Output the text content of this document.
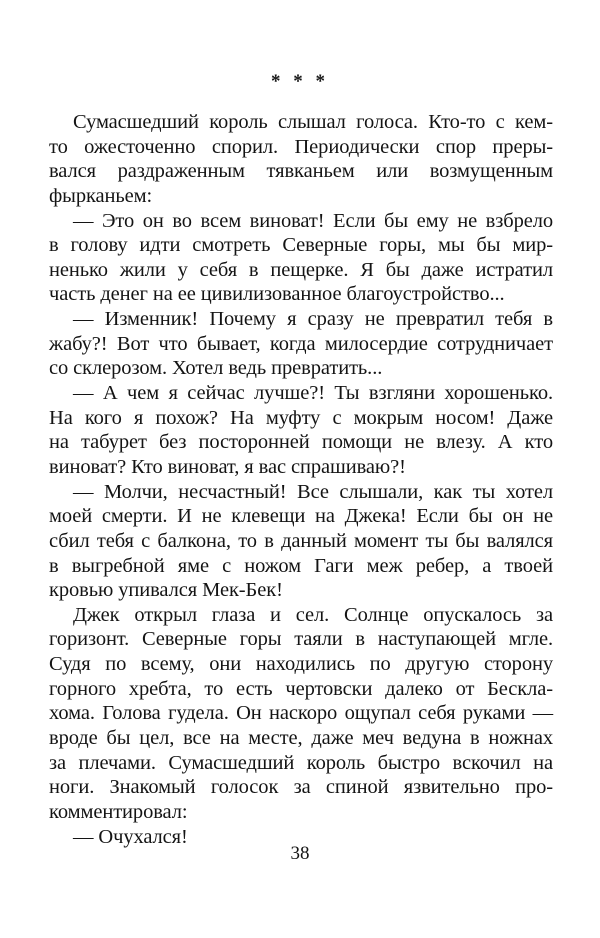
* * *
Сумасшедший король слышал голоса. Кто-то с кем-
то ожесточенно спорил. Периодически спор преры-
вался раздраженным тявканьем или возмущенным
фырканьем:
— Это он во всем виноват! Если бы ему не взбрело
в голову идти смотреть Северные горы, мы бы мир-
ненько жили у себя в пещерке. Я бы даже истратил
часть денег на ее цивилизованное благоустройство...
— Изменник! Почему я сразу не превратил тебя в
жабу?! Вот что бывает, когда милосердие сотрудничает
со склерозом. Хотел ведь превратить...
— А чем я сейчас лучше?! Ты взгляни хорошенько.
На кого я похож? На муфту с мокрым носом! Даже
на табурет без посторонней помощи не влезу. А кто
виноват? Кто виноват, я вас спрашиваю?!
— Молчи, несчастный! Все слышали, как ты хотел
моей смерти. И не клевещи на Джека! Если бы он не
сбил тебя с балкона, то в данный момент ты бы валялся
в выгребной яме с ножом Гаги меж ребер, а твоей
кровью упивался Мек-Бек!
Джек открыл глаза и сел. Солнце опускалось за
горизонт. Северные горы таяли в наступающей мгле.
Судя по всему, они находились по другую сторону
горного хребта, то есть чертовски далеко от Бескла-
хома. Голова гудела. Он наскоро ощупал себя руками —
вроде бы цел, все на месте, даже меч ведуна в ножнах
за плечами. Сумасшедший король быстро вскочил на
ноги. Знакомый голосок за спиной язвительно про-
комментировал:
— Очухался!
38
